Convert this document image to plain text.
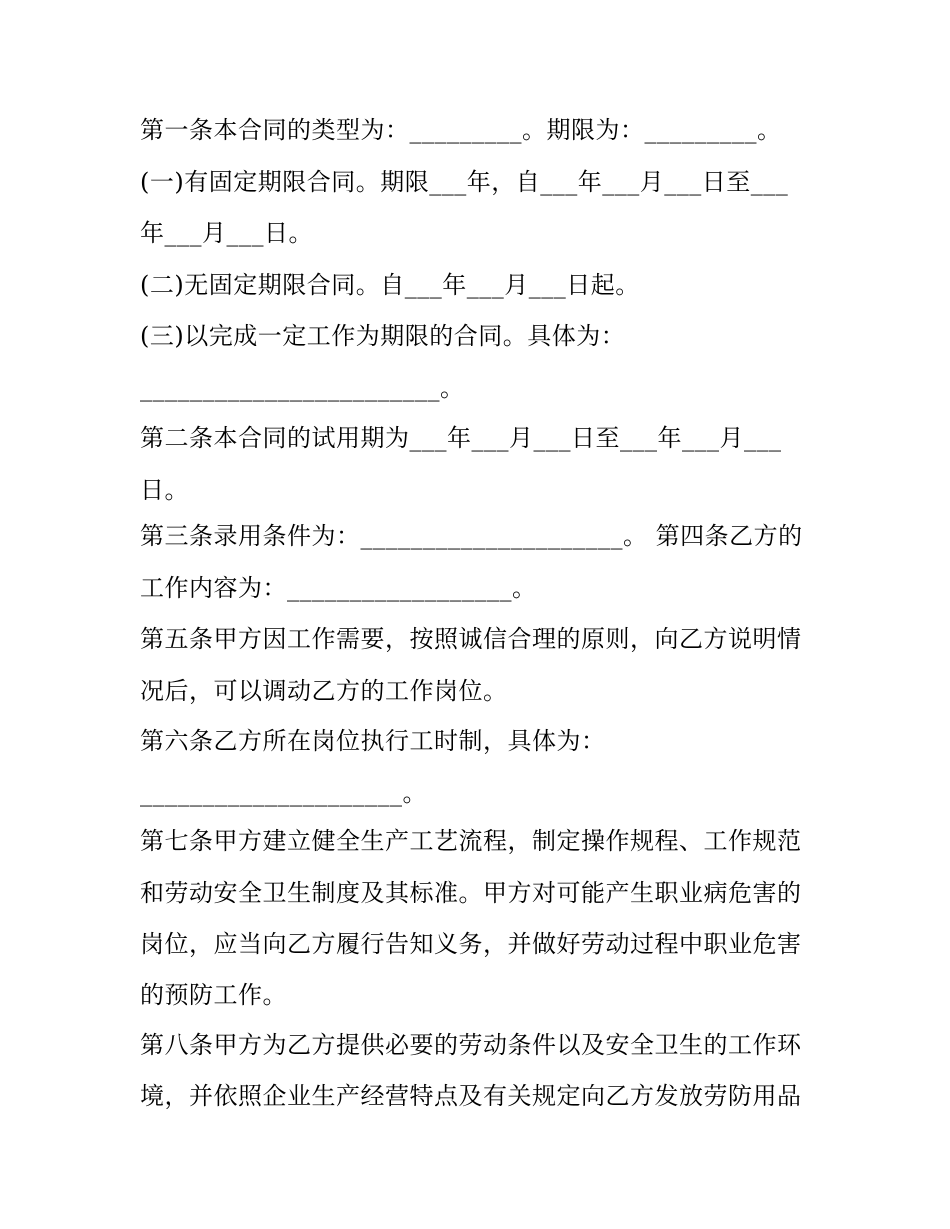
第一条本合同的类型为：_________。期限为：_________。
(一)有固定期限合同。期限___年，自___年___月___日至___
年___月___日。
(二)无固定期限合同。自___年___月___日起。
(三)以完成一定工作为期限的合同。具体为：
________________________。
第二条本合同的试用期为___年___月___日至___年___月___
日。
第三条录用条件为：_____________________。 第四条乙方的
工作内容为：__________________。
第五条甲方因工作需要，按照诚信合理的原则，向乙方说明情
况后，可以调动乙方的工作岗位。
第六条乙方所在岗位执行工时制，具体为：
_____________________。
第七条甲方建立健全生产工艺流程，制定操作规程、工作规范
和劳动安全卫生制度及其标准。甲方对可能产生职业病危害的
岗位，应当向乙方履行告知义务，并做好劳动过程中职业危害
的预防工作。
第八条甲方为乙方提供必要的劳动条件以及安全卫生的工作环
境，并依照企业生产经营特点及有关规定向乙方发放劳防用品
